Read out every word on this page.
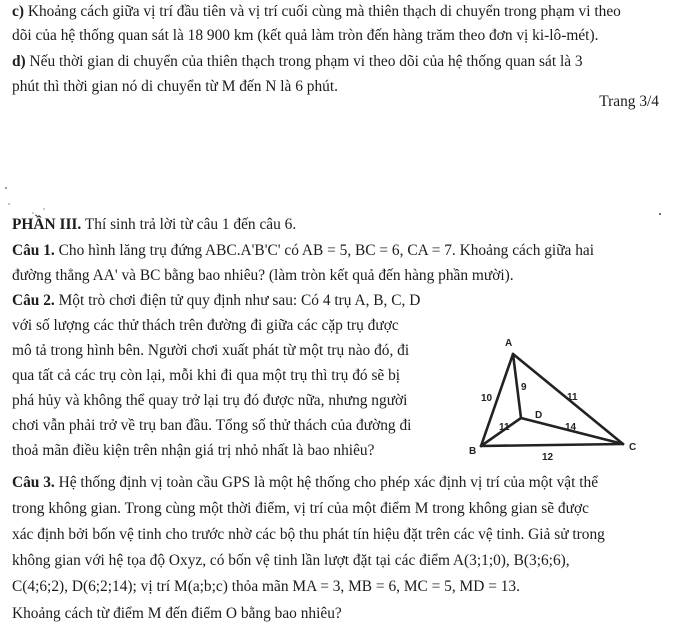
c) Khoảng cách giữa vị trí đầu tiên và vị trí cuối cùng mà thiên thạch di chuyển trong phạm vi theo
dõi của hệ thống quan sát là 18 900 km (kết quả làm tròn đến hàng trăm theo đơn vị ki-lô-mét).
d) Nếu thời gian di chuyển của thiên thạch trong phạm vi theo dõi của hệ thống quan sát là 3
phút thì thời gian nó di chuyển từ M đến N là 6 phút.
Trang 3/4
PHẦN III. Thí sinh trả lời từ câu 1 đến câu 6.
Câu 1. Cho hình lăng trụ đứng ABC.A'B'C' có AB = 5, BC = 6, CA = 7. Khoảng cách giữa hai
đường thẳng AA' và BC bằng bao nhiêu? (làm tròn kết quả đến hàng phần mười).
Câu 2. Một trò chơi điện tử quy định như sau: Có 4 trụ A, B, C, D
với số lượng các thử thách trên đường đi giữa các cặp trụ được
mô tả trong hình bên. Người chơi xuất phát từ một trụ nào đó, đi
qua tất cả các trụ còn lại, mỗi khi đi qua một trụ thì trụ đó sẽ bị
phá hủy và không thể quay trở lại trụ đó được nữa, nhưng người
chơi vẫn phải trở về trụ ban đầu. Tổng số thử thách của đường đi
thoả mãn điều kiện trên nhận giá trị nhỏ nhất là bao nhiêu?
Câu 3. Hệ thống định vị toàn cầu GPS là một hệ thống cho phép xác định vị trí của một vật thể
trong không gian. Trong cùng một thời điểm, vị trí của một điểm M trong không gian sẽ được
xác định bởi bốn vệ tinh cho trước nhờ các bộ thu phát tín hiệu đặt trên các vệ tinh. Giả sử trong
không gian với hệ tọa độ Oxyz, có bốn vệ tinh lần lượt đặt tại các điểm A(3;1;0), B(3;6;6),
C(4;6;2), D(6;2;14); vị trí M(a;b;c) thỏa mãn MA = 3, MB = 6, MC = 5, MD = 13.
Khoảng cách từ điểm M đến điểm O bằng bao nhiêu?
A
B	C
D
10
9
11
11	14
12
